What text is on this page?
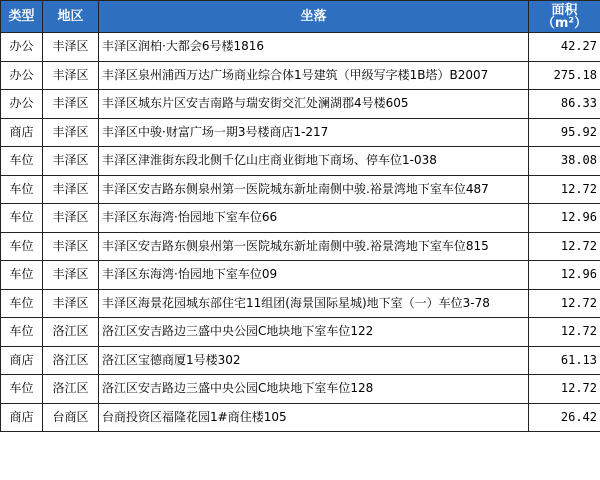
类型	地区	坐落	面积
（m²）
办公	丰泽区	丰泽区润柏·大都会6号楼1816	42.27
办公	丰泽区	丰泽区泉州浦西万达广场商业综合体1号建筑（甲级写字楼1B塔）B2007	275.18
办公	丰泽区	丰泽区城东片区安吉南路与瑞安街交汇处澜湖郡4号楼605	86.33
商店	丰泽区	丰泽区中骏·财富广场一期3号楼商店1-217	95.92
车位	丰泽区	丰泽区津淮街东段北侧千亿山庄商业街地下商场、停车位1-038	38.08
车位	丰泽区	丰泽区安吉路东侧泉州第一医院城东新址南侧中骏.裕景湾地下室车位487	12.72
车位	丰泽区	丰泽区东海湾·怡园地下室车位66	12.96
车位	丰泽区	丰泽区安吉路东侧泉州第一医院城东新址南侧中骏.裕景湾地下室车位815	12.72
车位	丰泽区	丰泽区东海湾·怡园地下室车位09	12.96
车位	丰泽区	丰泽区海景花园城东部住宅11组团(海景国际星城)地下室（一）车位3-78	12.72
车位	洛江区	洛江区安吉路边三盛中央公园C地块地下室车位122	12.72
商店	洛江区	洛江区宝德商厦1号楼302	61.13
车位	洛江区	洛江区安吉路边三盛中央公园C地块地下室车位128	12.72
商店	台商区	台商投资区福隆花园1#商住楼105	26.42
